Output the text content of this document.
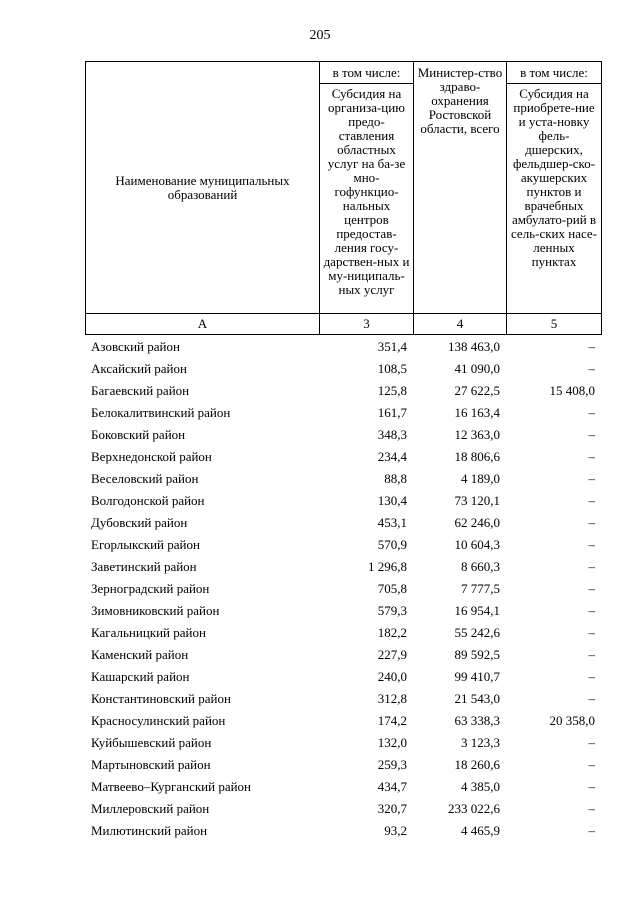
205
Наименование муниципальных образований	в том числе:	Министер-ство здраво-охранения Ростовской области, всего	в том числе:
	Субсидия на организа-цию предо-ставления областных услуг на ба-зе мно-гофункцио-нальных центров предостав-ления госу-дарствен-ных и му-ниципаль-ных услуг		Субсидия на приобрете-ние и уста-новку фель-дшерских, фельдшер-ско-акушерских пунктов и врачебных амбулато-рий в сель-ских насе-ленных пунктах
А	3	4	5
Азовский район	351,4	138 463,0	–
Аксайский район	108,5	41 090,0	–
Багаевский район	125,8	27 622,5	15 408,0
Белокалитвинский район	161,7	16 163,4	–
Боковский район	348,3	12 363,0	–
Верхнедонской район	234,4	18 806,6	–
Веселовский район	88,8	4 189,0	–
Волгодонской район	130,4	73 120,1	–
Дубовский район	453,1	62 246,0	–
Егорлыкский район	570,9	10 604,3	–
Заветинский район	1 296,8	8 660,3	–
Зерноградский район	705,8	7 777,5	–
Зимовниковский район	579,3	16 954,1	–
Кагальницкий район	182,2	55 242,6	–
Каменский район	227,9	89 592,5	–
Кашарский район	240,0	99 410,7	–
Константиновский район	312,8	21 543,0	–
Красносулинский район	174,2	63 338,3	20 358,0
Куйбышевский район	132,0	3 123,3	–
Мартыновский район	259,3	18 260,6	–
Матвеево–Курганский район	434,7	4 385,0	–
Миллеровский район	320,7	233 022,6	–
Милютинский район	93,2	4 465,9	–
